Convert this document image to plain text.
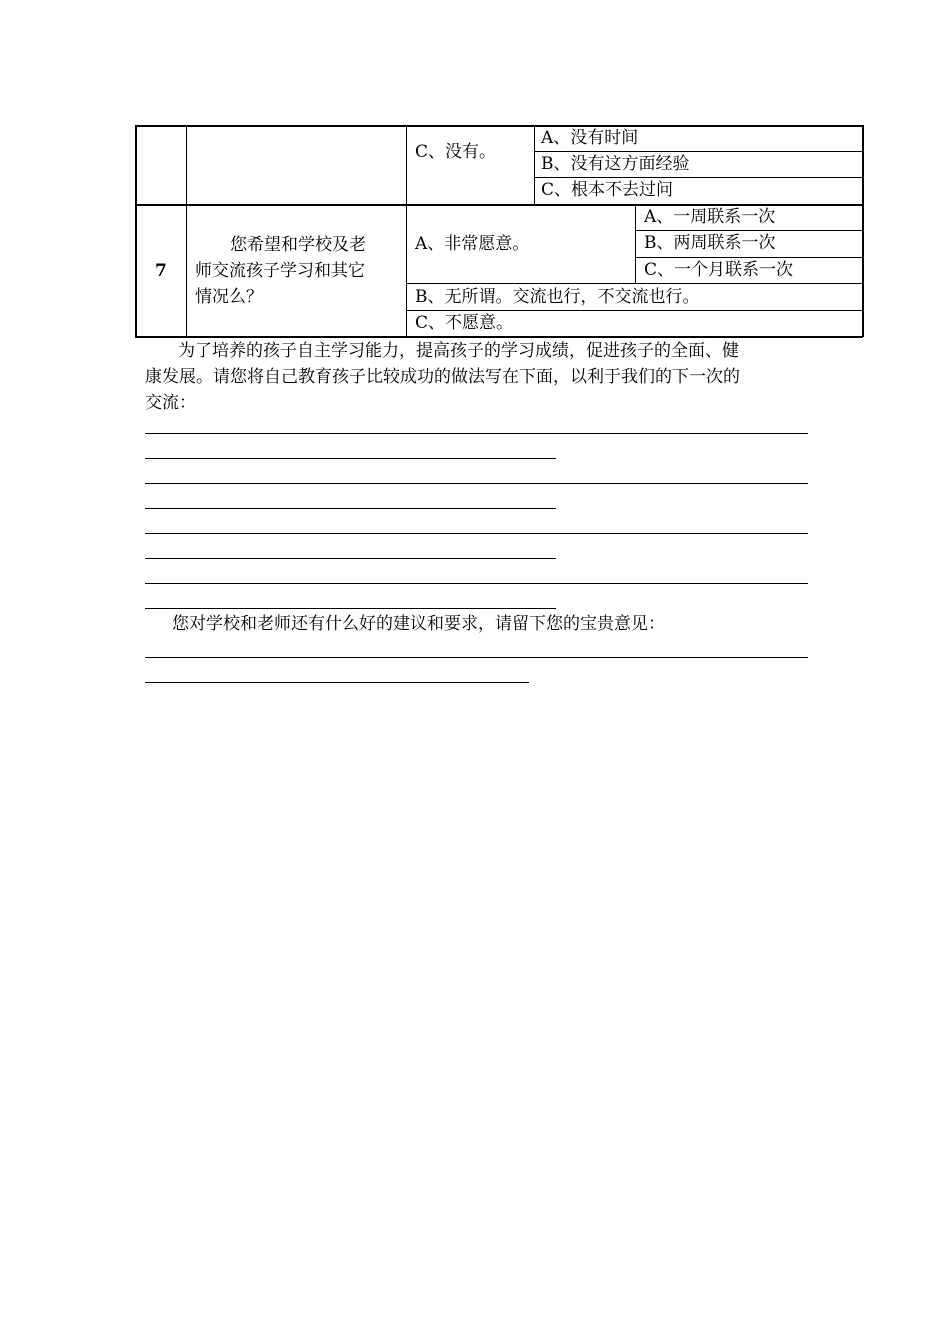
C、没有。
A、没有时间
B、没有这方面经验
C、根本不去过问
7
您希望和学校及老
师交流孩子学习和其它
情况么？
A、非常愿意。
A、一周联系一次
B、两周联系一次
C、一个月联系一次
B、无所谓。交流也行，不交流也行。
C、不愿意。
为了培养的孩子自主学习能力，提高孩子的学习成绩，促进孩子的全面、健
康发展。请您将自己教育孩子比较成功的做法写在下面，以利于我们的下一次的
交流：
您对学校和老师还有什么好的建议和要求，请留下您的宝贵意见：
